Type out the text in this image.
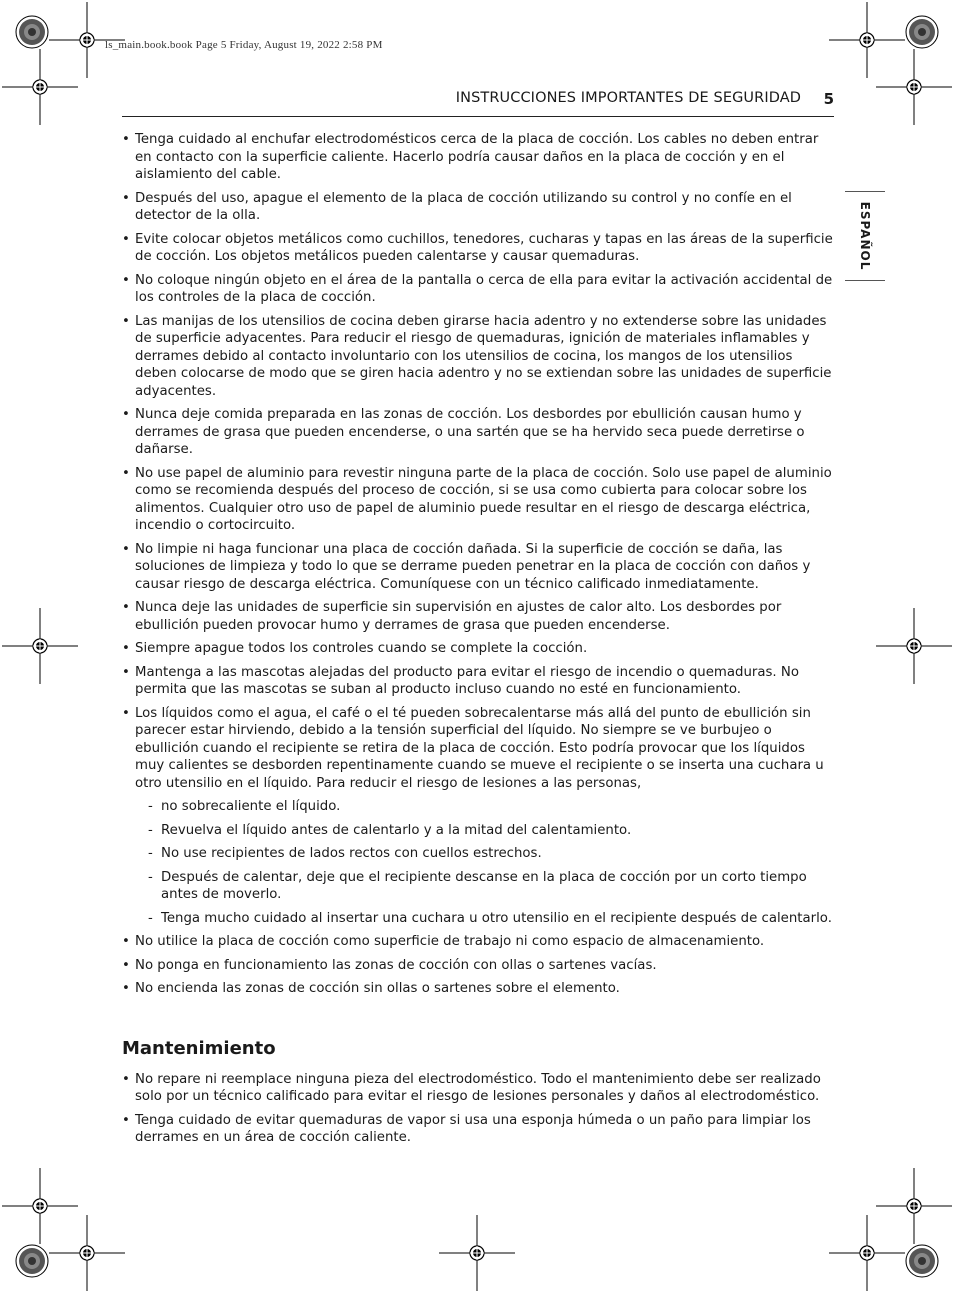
ls_main.book.book Page 5 Friday, August 19, 2022 2:58 PM
INSTRUCCIONES IMPORTANTES DE SEGURIDAD 5
ESPAÑOL
• Tenga cuidado al enchufar electrodomésticos cerca de la placa de cocción. Los cables no deben entrar en contacto con la superficie caliente. Hacerlo podría causar daños en la placa de cocción y en el aislamiento del cable.
• Después del uso, apague el elemento de la placa de cocción utilizando su control y no confíe en el detector de la olla.
• Evite colocar objetos metálicos como cuchillos, tenedores, cucharas y tapas en las áreas de la superficie de cocción. Los objetos metálicos pueden calentarse y causar quemaduras.
• No coloque ningún objeto en el área de la pantalla o cerca de ella para evitar la activación accidental de los controles de la placa de cocción.
• Las manijas de los utensilios de cocina deben girarse hacia adentro y no extenderse sobre las unidades de superficie adyacentes. Para reducir el riesgo de quemaduras, ignición de materiales inflamables y derrames debido al contacto involuntario con los utensilios de cocina, los mangos de los utensilios deben colocarse de modo que se giren hacia adentro y no se extiendan sobre las unidades de superficie adyacentes.
• Nunca deje comida preparada en las zonas de cocción. Los desbordes por ebullición causan humo y derrames de grasa que pueden encenderse, o una sartén que se ha hervido seca puede derretirse o dañarse.
• No use papel de aluminio para revestir ninguna parte de la placa de cocción. Solo use papel de aluminio como se recomienda después del proceso de cocción, si se usa como cubierta para colocar sobre los alimentos. Cualquier otro uso de papel de aluminio puede resultar en el riesgo de descarga eléctrica, incendio o cortocircuito.
• No limpie ni haga funcionar una placa de cocción dañada. Si la superficie de cocción se daña, las soluciones de limpieza y todo lo que se derrame pueden penetrar en la placa de cocción con daños y causar riesgo de descarga eléctrica. Comuníquese con un técnico calificado inmediatamente.
• Nunca deje las unidades de superficie sin supervisión en ajustes de calor alto. Los desbordes por ebullición pueden provocar humo y derrames de grasa que pueden encenderse.
• Siempre apague todos los controles cuando se complete la cocción.
• Mantenga a las mascotas alejadas del producto para evitar el riesgo de incendio o quemaduras. No permita que las mascotas se suban al producto incluso cuando no esté en funcionamiento.
• Los líquidos como el agua, el café o el té pueden sobrecalentarse más allá del punto de ebullición sin parecer estar hirviendo, debido a la tensión superficial del líquido. No siempre se ve burbujeo o ebullición cuando el recipiente se retira de la placa de cocción. Esto podría provocar que los líquidos muy calientes se desborden repentinamente cuando se mueve el recipiente o se inserta una cuchara u otro utensilio en el líquido. Para reducir el riesgo de lesiones a las personas,
- no sobrecaliente el líquido.
- Revuelva el líquido antes de calentarlo y a la mitad del calentamiento.
- No use recipientes de lados rectos con cuellos estrechos.
- Después de calentar, deje que el recipiente descanse en la placa de cocción por un corto tiempo antes de moverlo.
- Tenga mucho cuidado al insertar una cuchara u otro utensilio en el recipiente después de calentarlo.
• No utilice la placa de cocción como superficie de trabajo ni como espacio de almacenamiento.
• No ponga en funcionamiento las zonas de cocción con ollas o sartenes vacías.
• No encienda las zonas de cocción sin ollas o sartenes sobre el elemento.
Mantenimiento
• No repare ni reemplace ninguna pieza del electrodoméstico. Todo el mantenimiento debe ser realizado solo por un técnico calificado para evitar el riesgo de lesiones personales y daños al electrodoméstico.
• Tenga cuidado de evitar quemaduras de vapor si usa una esponja húmeda o un paño para limpiar los derrames en un área de cocción caliente.
